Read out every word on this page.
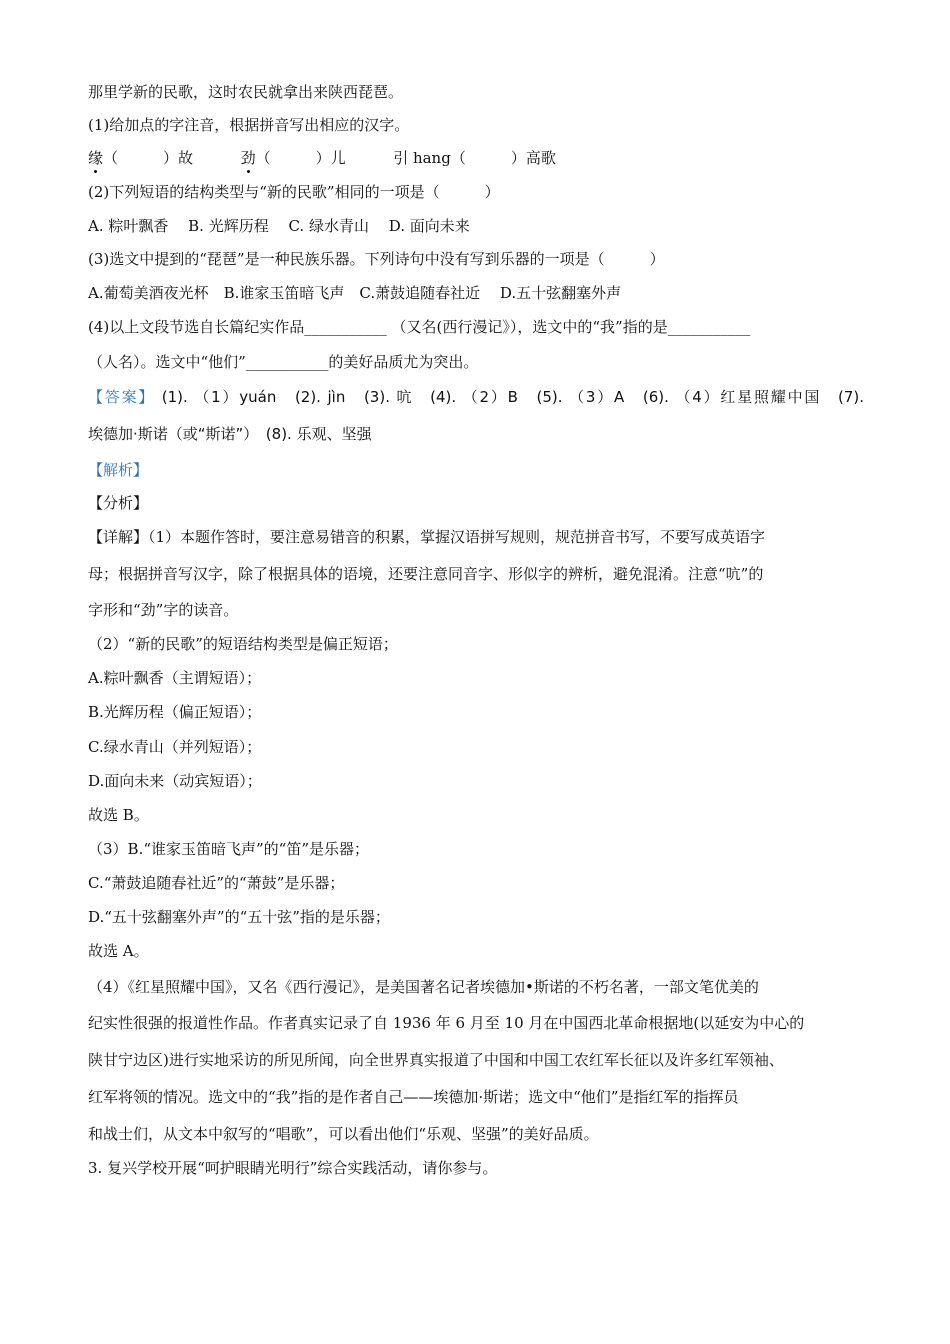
那里学新的民歌，这时农民就拿出来陕西琵琶。
(1)给加点的字注音，根据拼音写出相应的汉字。
缘（　　　）故	劲（　　　）儿	引 hang（　　　）高歌
(2)下列短语的结构类型与“新的民歌”相同的一项是（　　　）
A. 粽叶飘香　 B. 光辉历程　 C. 绿水青山　 D. 面向未来
(3)选文中提到的“琵琶”是一种民族乐器。下列诗句中没有写到乐器的一项是（　　　）
A.葡萄美酒夜光杯　B.谁家玉笛暗飞声　C.萧鼓追随春社近　 D.五十弦翻塞外声
(4)以上文段节选自长篇纪实作品___________ （又名(西行漫记》），选文中的“我”指的是___________
（人名）。选文中“他们”___________的美好品质尤为突出。
【答案】 (1). （1）yuán　(2). jìn　(3). 吭　(4). （2）B　(5). （3）A　(6). （4）红星照耀中国　(7).
埃德加·斯诺（或“斯诺”）　(8). 乐观、坚强
【解析】
【分析】
【详解】（1）本题作答时，要注意易错音的积累，掌握汉语拼写规则，规范拼音书写，不要写成英语字
母；根据拼音写汉字，除了根据具体的语境，还要注意同音字、形似字的辨析，避免混淆。注意“吭”的
字形和“劲”字的读音。
（2）“新的民歌”的短语结构类型是偏正短语；
A.粽叶飘香（主谓短语）；
B.光辉历程（偏正短语）；
C.绿水青山（并列短语）；
D.面向未来（动宾短语）；
故选 B。
（3）B.“谁家玉笛暗飞声”的“笛”是乐器；
C.“萧鼓追随春社近”的“萧鼓”是乐器；
D.“五十弦翻塞外声”的“五十弦”指的是乐器；
故选 A。
（4）《红星照耀中国》，又名《西行漫记》，是美国著名记者埃德加•斯诺的不朽名著，一部文笔优美的
纪实性很强的报道性作品。作者真实记录了自 1936 年 6 月至 10 月在中国西北革命根据地(以延安为中心的
陕甘宁边区)进行实地采访的所见所闻，向全世界真实报道了中国和中国工农红军长征以及许多红军领袖、
红军将领的情况。选文中的“我”指的是作者自己——埃德加·斯诺；选文中“他们”是指红军的指挥员
和战士们，从文本中叙写的“唱歌”，可以看出他们“乐观、坚强”的美好品质。
3. 复兴学校开展“呵护眼睛光明行”综合实践活动，请你参与。
